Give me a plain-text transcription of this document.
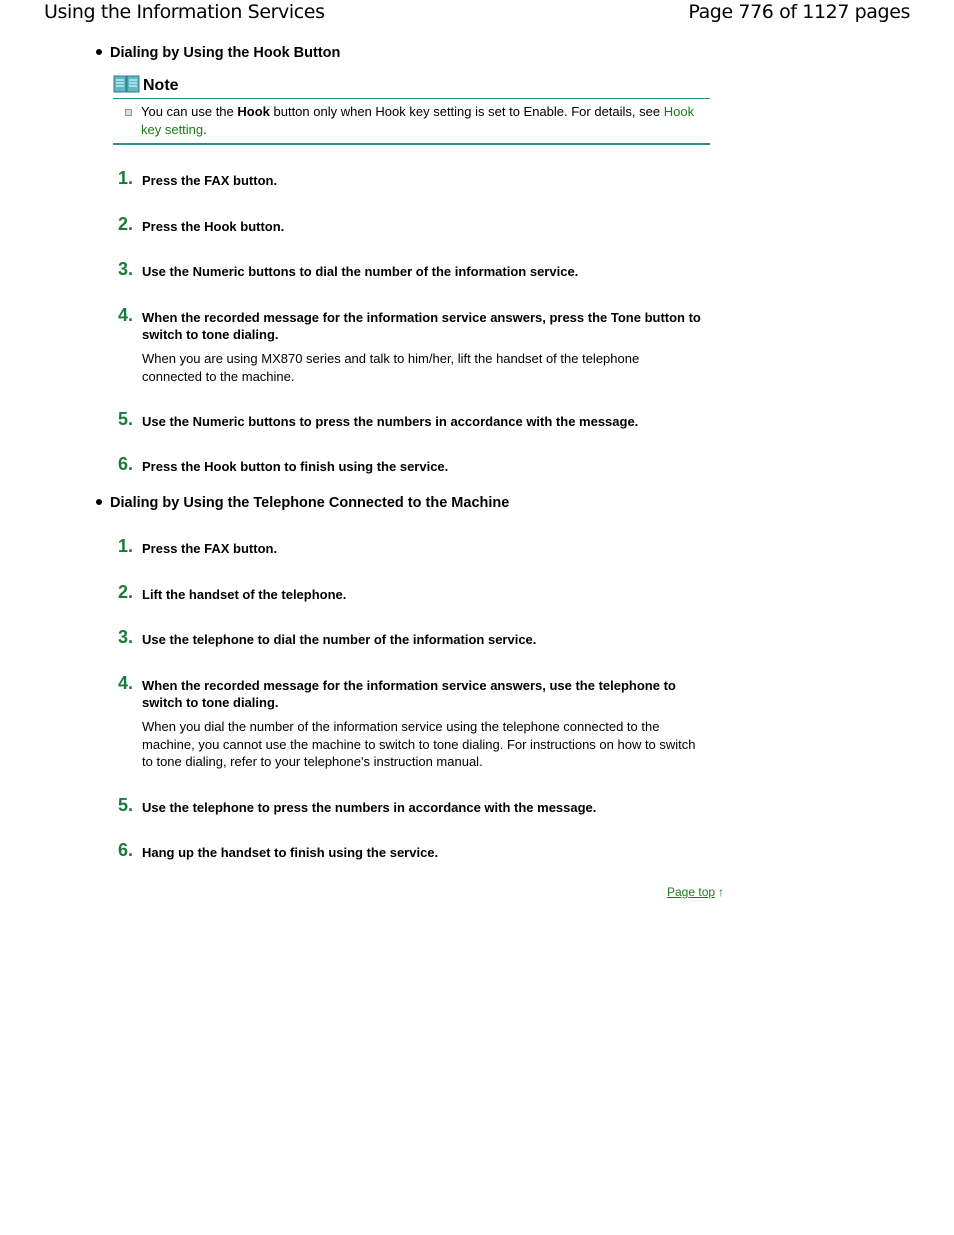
Using the Information Services	Page 776 of 1127 pages
Dialing by Using the Hook Button
Note
You can use the Hook button only when Hook key setting is set to Enable. For details, see Hook key setting.
1. Press the FAX button.
2. Press the Hook button.
3. Use the Numeric buttons to dial the number of the information service.
4. When the recorded message for the information service answers, press the Tone button to switch to tone dialing.
When you are using MX870 series and talk to him/her, lift the handset of the telephone connected to the machine.
5. Use the Numeric buttons to press the numbers in accordance with the message.
6. Press the Hook button to finish using the service.
Dialing by Using the Telephone Connected to the Machine
1. Press the FAX button.
2. Lift the handset of the telephone.
3. Use the telephone to dial the number of the information service.
4. When the recorded message for the information service answers, use the telephone to switch to tone dialing.
When you dial the number of the information service using the telephone connected to the machine, you cannot use the machine to switch to tone dialing. For instructions on how to switch to tone dialing, refer to your telephone's instruction manual.
5. Use the telephone to press the numbers in accordance with the message.
6. Hang up the handset to finish using the service.
Page top ↑
